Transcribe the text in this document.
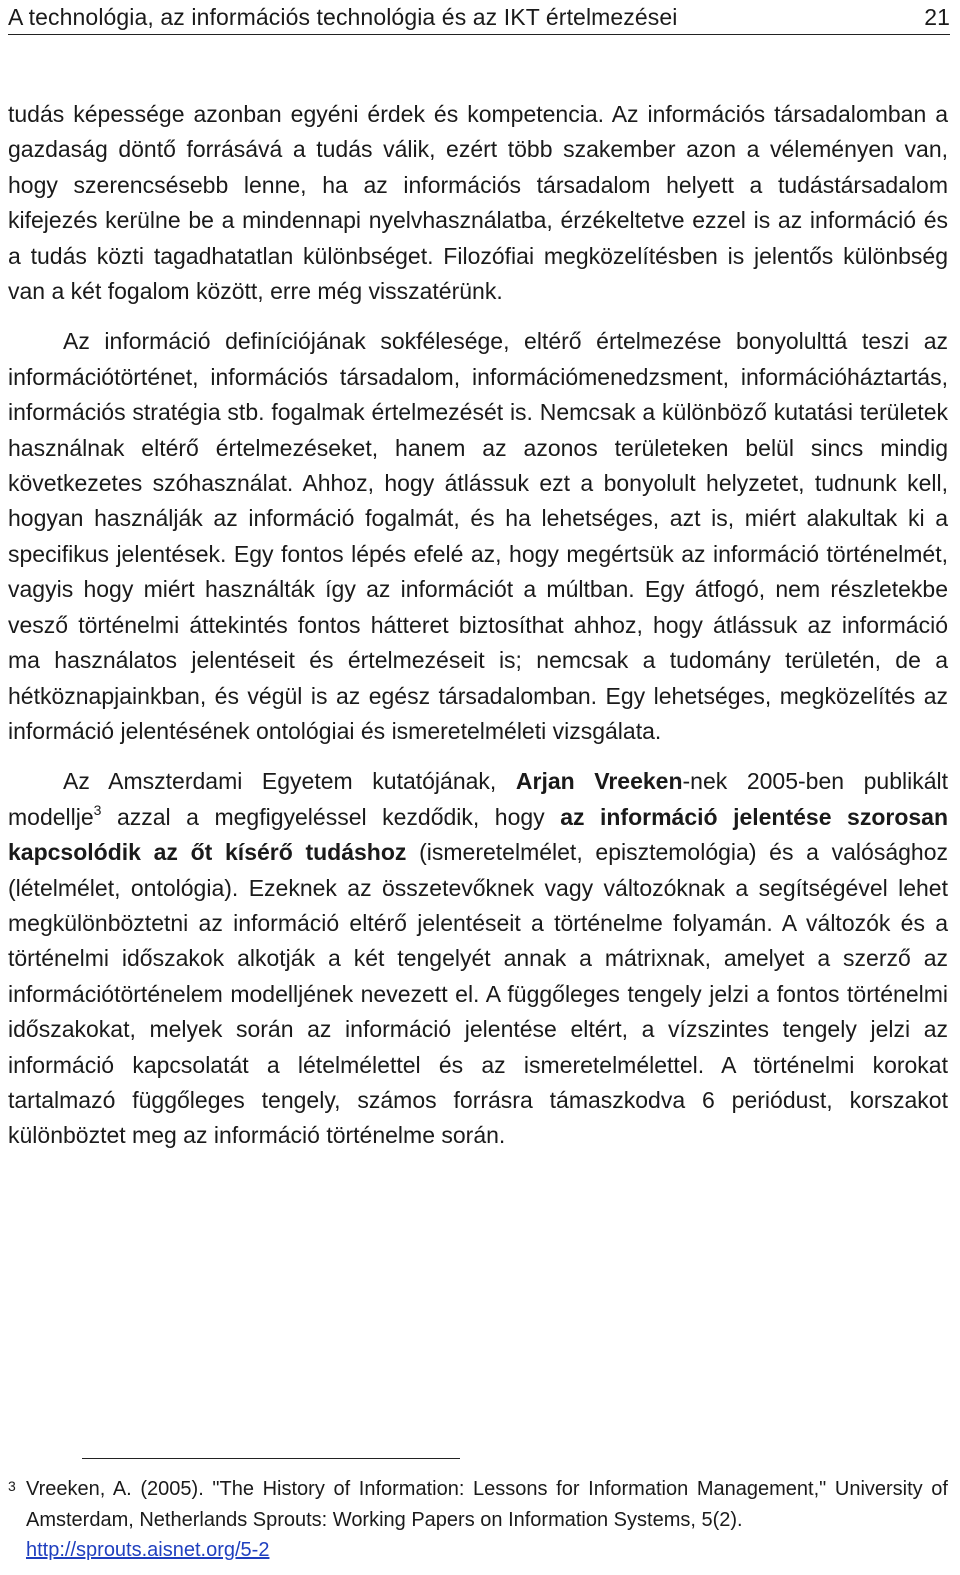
A technológia, az információs technológia és az IKT értelmezései	21

tudás képessége azonban egyéni érdek és kompetencia. Az információs társadalomban a gazdaság döntő forrásává a tudás válik, ezért több szakember azon a véleményen van, hogy szerencsésebb lenne, ha az információs társadalom helyett a tudástársadalom kifejezés kerülne be a mindennapi nyelvhasználatba, érzékeltetve ezzel is az információ és a tudás közti tagadhatatlan különbséget. Filozófiai megközelítésben is jelentős különbség van a két fogalom között, erre még visszatérünk.

Az információ definíciójának sokfélesége, eltérő értelmezése bonyolulttá teszi az információtörténet, információs társadalom, információmenedzsment, információháztartás, információs stratégia stb. fogalmak értelmezését is. Nemcsak a különböző kutatási területek használnak eltérő értelmezéseket, hanem az azonos területeken belül sincs mindig következetes szóhasználat. Ahhoz, hogy átlássuk ezt a bonyolult helyzetet, tudnunk kell, hogyan használják az információ fogalmát, és ha lehetséges, azt is, miért alakultak ki a specifikus jelentések. Egy fontos lépés efelé az, hogy megértsük az információ történelmét, vagyis hogy miért használták így az információt a múltban. Egy átfogó, nem részletekbe vesző történelmi áttekintés fontos hátteret biztosíthat ahhoz, hogy átlássuk az információ ma használatos jelentéseit és értelmezéseit is; nemcsak a tudomány területén, de a hétköznapjainkban, és végül is az egész társadalomban. Egy lehetséges, megközelítés az információ jelentésének ontológiai és ismeretelméleti vizsgálata.

Az Amszterdami Egyetem kutatójának, Arjan Vreeken-nek 2005-ben publikált modellje$^3$ azzal a megfigyeléssel kezdődik, hogy az információ jelentése szorosan kapcsolódik az őt kísérő tudáshoz (ismeretelmélet, episztemológia) és a valósághoz (lételmélet, ontológia). Ezeknek az összetevőknek vagy változóknak a segítségével lehet megkülönböztetni az információ eltérő jelentéseit a történelme folyamán. A változók és a történelmi időszakok alkotják a két tengelyét annak a mátrixnak, amelyet a szerző az információtörténelem modelljének nevezett el. A függőleges tengely jelzi a fontos történelmi időszakokat, melyek során az információ jelentése eltért, a vízszintes tengely jelzi az információ kapcsolatát a lételmélettel és az ismeretelmélettel. A történelmi korokat tartalmazó függőleges tengely, számos forrásra támaszkodva 6 periódust, korszakot különböztet meg az információ történelme során.

3 Vreeken, A. (2005). "The History of Information: Lessons for Information Management," University of Amsterdam, Netherlands Sprouts: Working Papers on Information Systems, 5(2).
http://sprouts.aisnet.org/5-2
